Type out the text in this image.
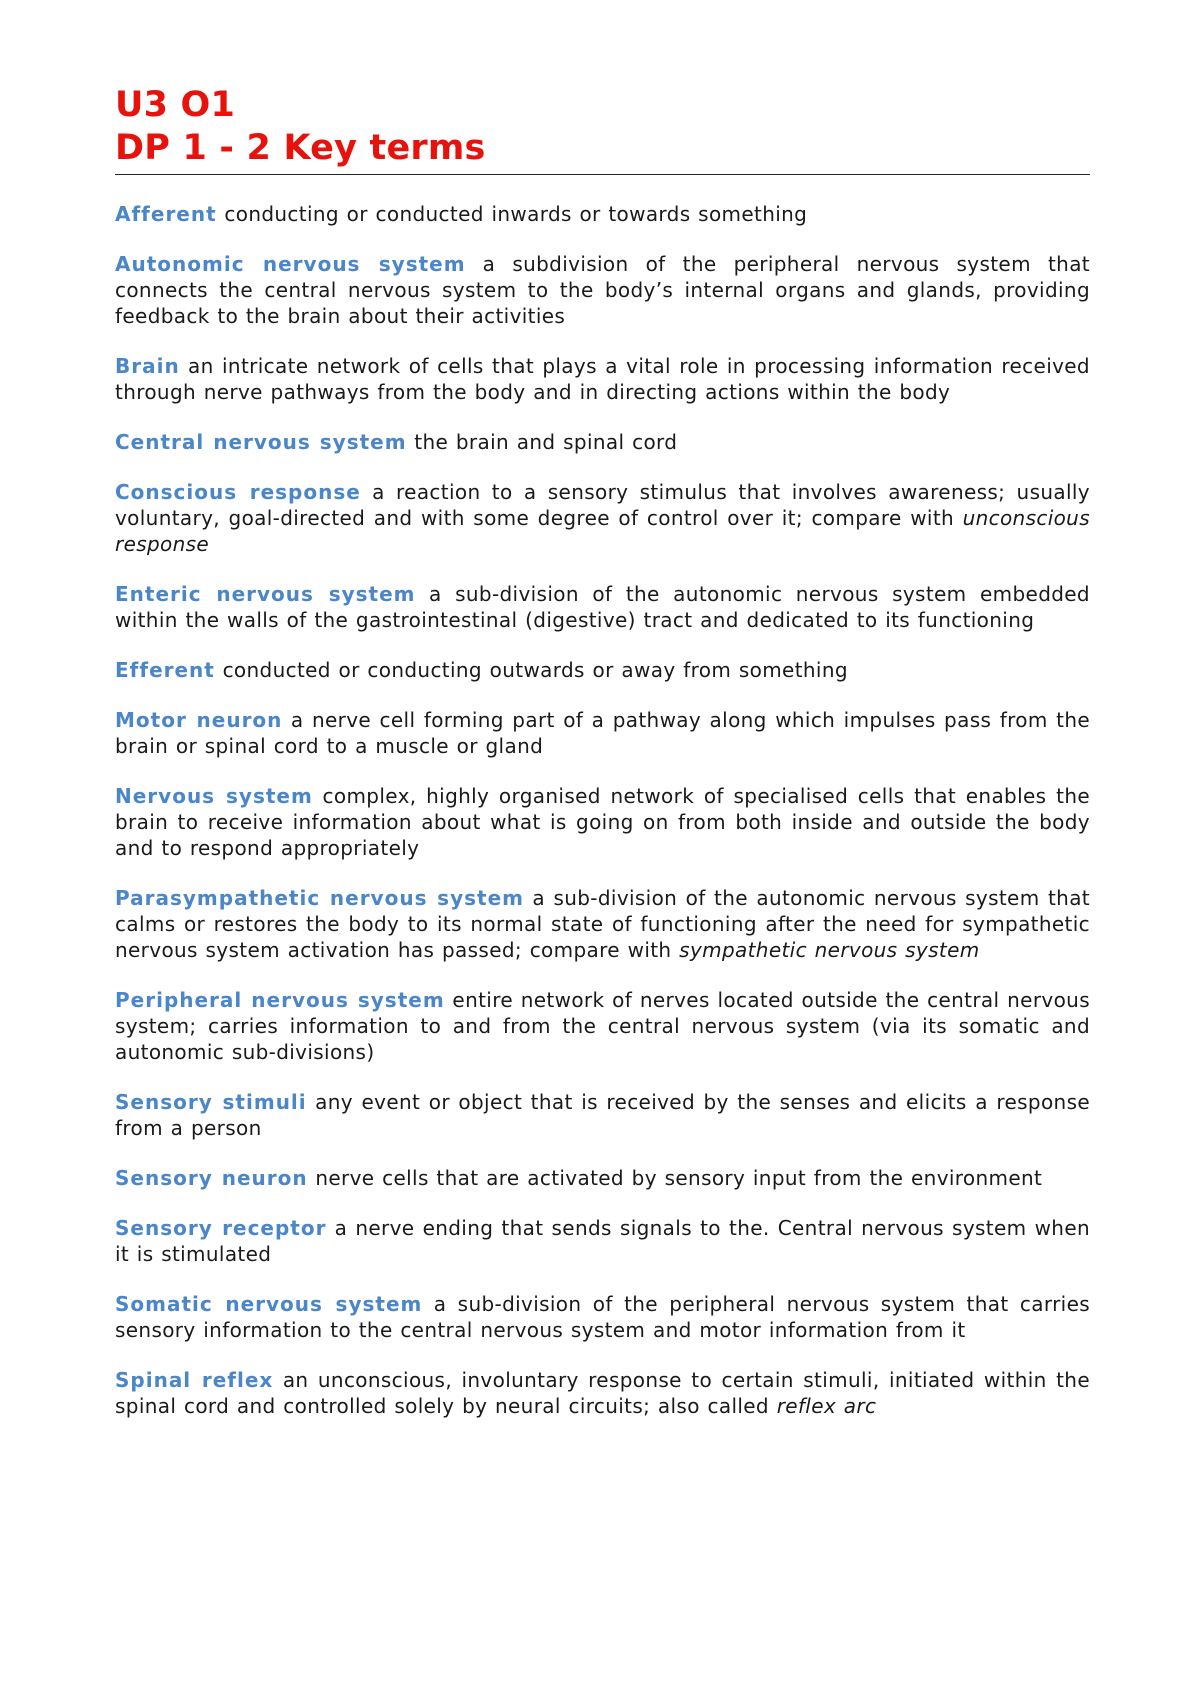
U3 O1
DP 1 - 2 Key terms

Afferent conducting or conducted inwards or towards something

Autonomic nervous system a subdivision of the peripheral nervous system that connects the central nervous system to the body’s internal organs and glands, providing feedback to the brain about their activities

Brain an intricate network of cells that plays a vital role in processing information received through nerve pathways from the body and in directing actions within the body

Central nervous system the brain and spinal cord

Conscious response a reaction to a sensory stimulus that involves awareness; usually voluntary, goal-directed and with some degree of control over it; compare with unconscious response

Enteric nervous system a sub-division of the autonomic nervous system embedded within the walls of the gastrointestinal (digestive) tract and dedicated to its functioning

Efferent conducted or conducting outwards or away from something

Motor neuron a nerve cell forming part of a pathway along which impulses pass from the brain or spinal cord to a muscle or gland

Nervous system complex, highly organised network of specialised cells that enables the brain to receive information about what is going on from both inside and outside the body and to respond appropriately

Parasympathetic nervous system a sub-division of the autonomic nervous system that calms or restores the body to its normal state of functioning after the need for sympathetic nervous system activation has passed; compare with sympathetic nervous system

Peripheral nervous system entire network of nerves located outside the central nervous system; carries information to and from the central nervous system (via its somatic and autonomic sub-divisions)

Sensory stimuli any event or object that is received by the senses and elicits a response from a person

Sensory neuron nerve cells that are activated by sensory input from the environment

Sensory receptor a nerve ending that sends signals to the. Central nervous system when it is stimulated

Somatic nervous system a sub-division of the peripheral nervous system that carries sensory information to the central nervous system and motor information from it

Spinal reflex an unconscious, involuntary response to certain stimuli, initiated within the spinal cord and controlled solely by neural circuits; also called reflex arc
